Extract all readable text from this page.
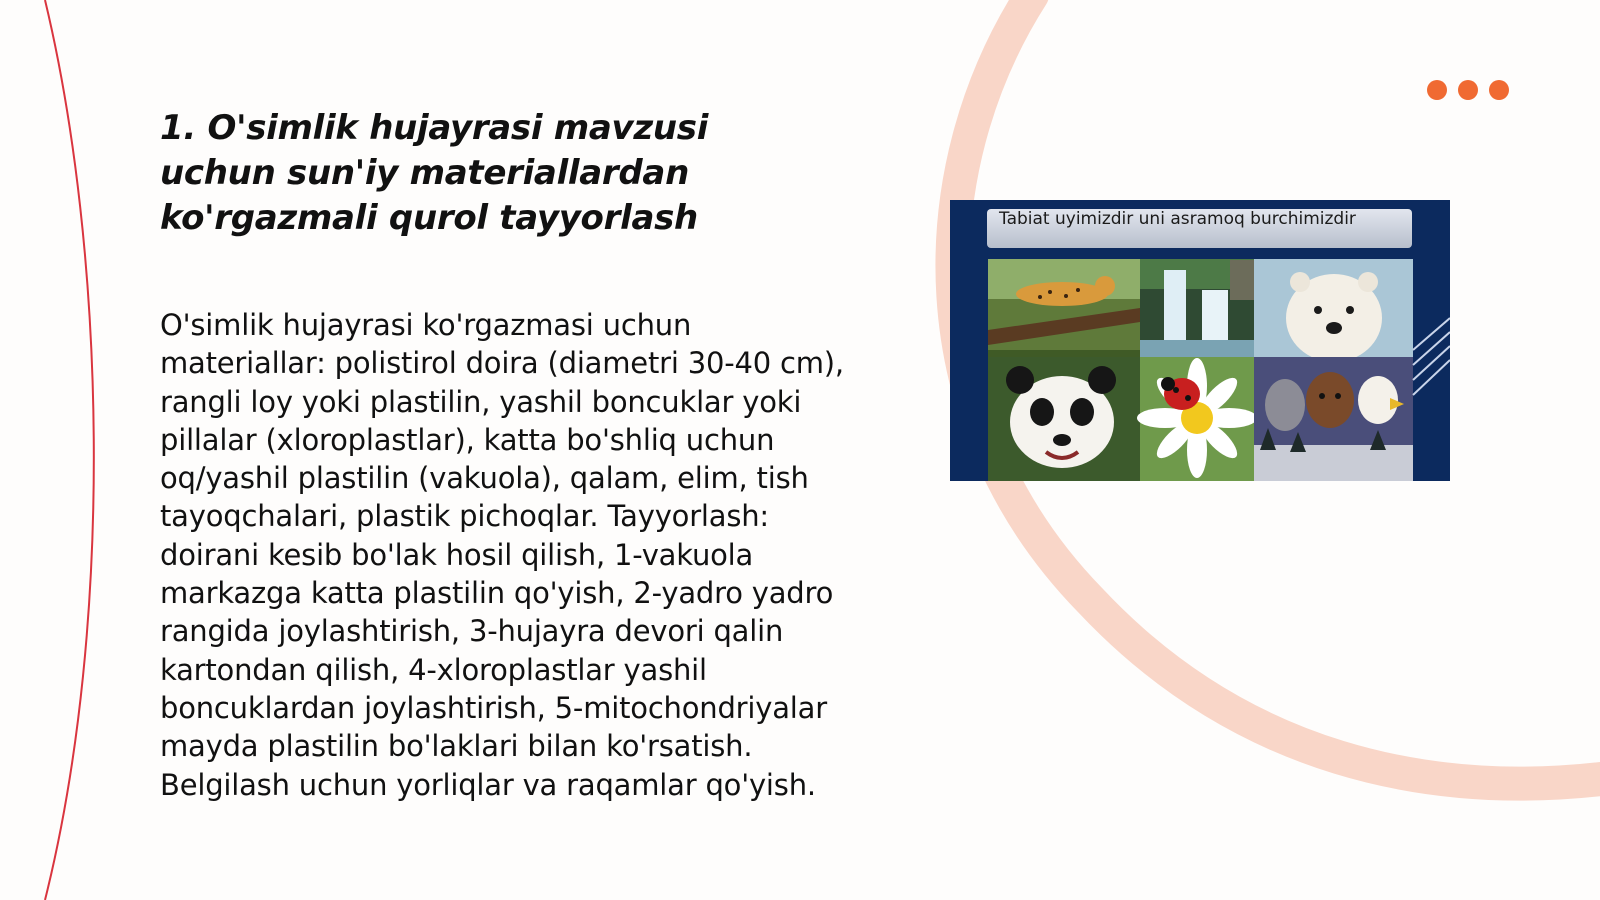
1. O'simlik hujayrasi mavzusi uchun sun'iy materiallardan ko'rgazmali qurol tayyorlash

O'simlik hujayrasi ko'rgazmasi uchun materiallar: polistirol doira (diametri 30-40 cm), rangli loy yoki plastilin, yashil boncuklar yoki pillalar (xloroplastlar), katta bo'shliq uchun oq/yashil plastilin (vakuola), qalam, elim, tish tayoqchalari, plastik pichoqlar. Tayyorlash: doirani kesib bo'lak hosil qilish, 1-vakuola markazga katta plastilin qo'yish, 2-yadro yadro rangida joylashtirish, 3-hujayra devori qalin kartondan qilish, 4-xloroplastlar yashil boncuklardan joylashtirish, 5-mitochondriyalar mayda plastilin bo'laklari bilan ko'rsatish. Belgilash uchun yorliqlar va raqamlar qo'yish.

Tabiat uyimizdir uni asramoq burchimizdir
